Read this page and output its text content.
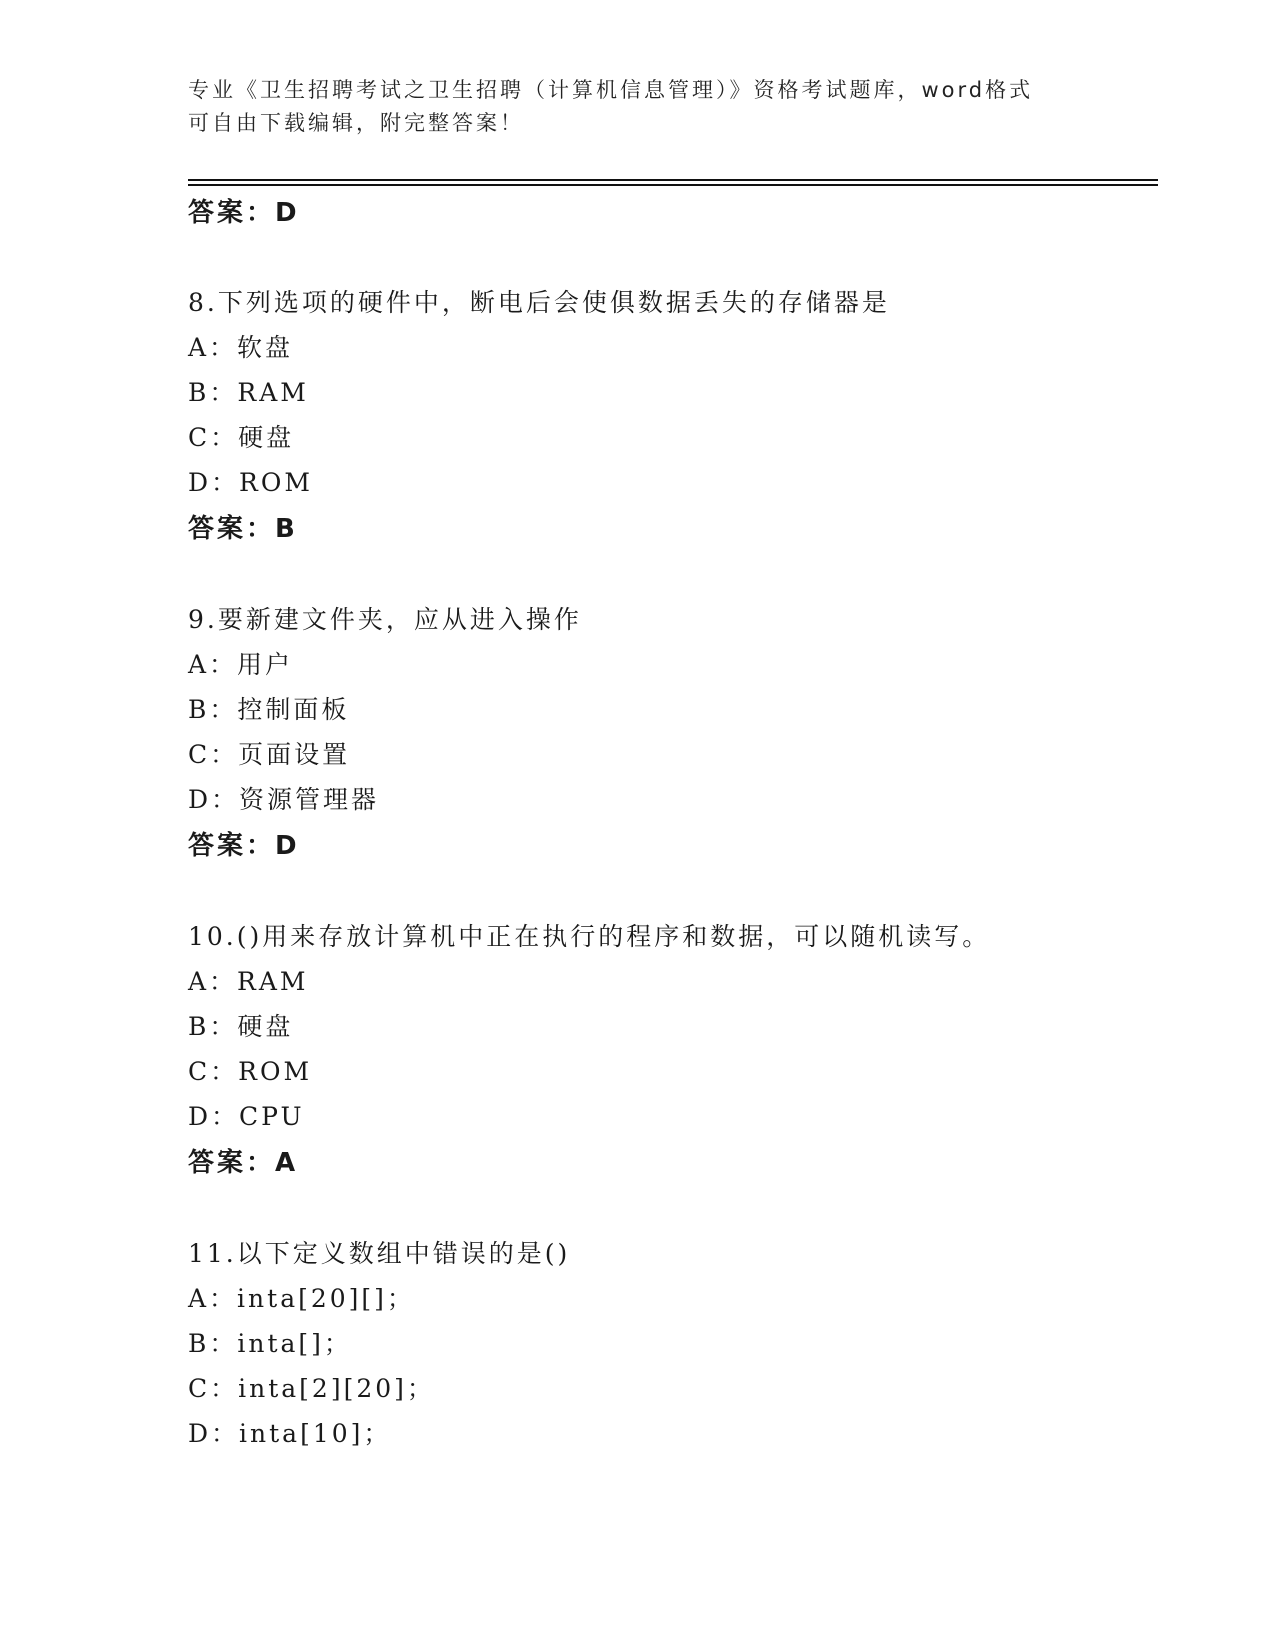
专业《卫生招聘考试之卫生招聘（计算机信息管理）》资格考试题库，word格式
可自由下载编辑，附完整答案！
答案：D
8.下列选项的硬件中，断电后会使俱数据丢失的存储器是
A：软盘
B：RAM
C：硬盘
D：ROM
答案：B
9.要新建文件夹，应从进入操作
A：用户
B：控制面板
C：页面设置
D：资源管理器
答案：D
10.()用来存放计算机中正在执行的程序和数据，可以随机读写。
A：RAM
B：硬盘
C：ROM
D：CPU
答案：A
11.以下定义数组中错误的是()
A：inta[20][]；
B：inta[]；
C：inta[2][20]；
D：inta[10]；
